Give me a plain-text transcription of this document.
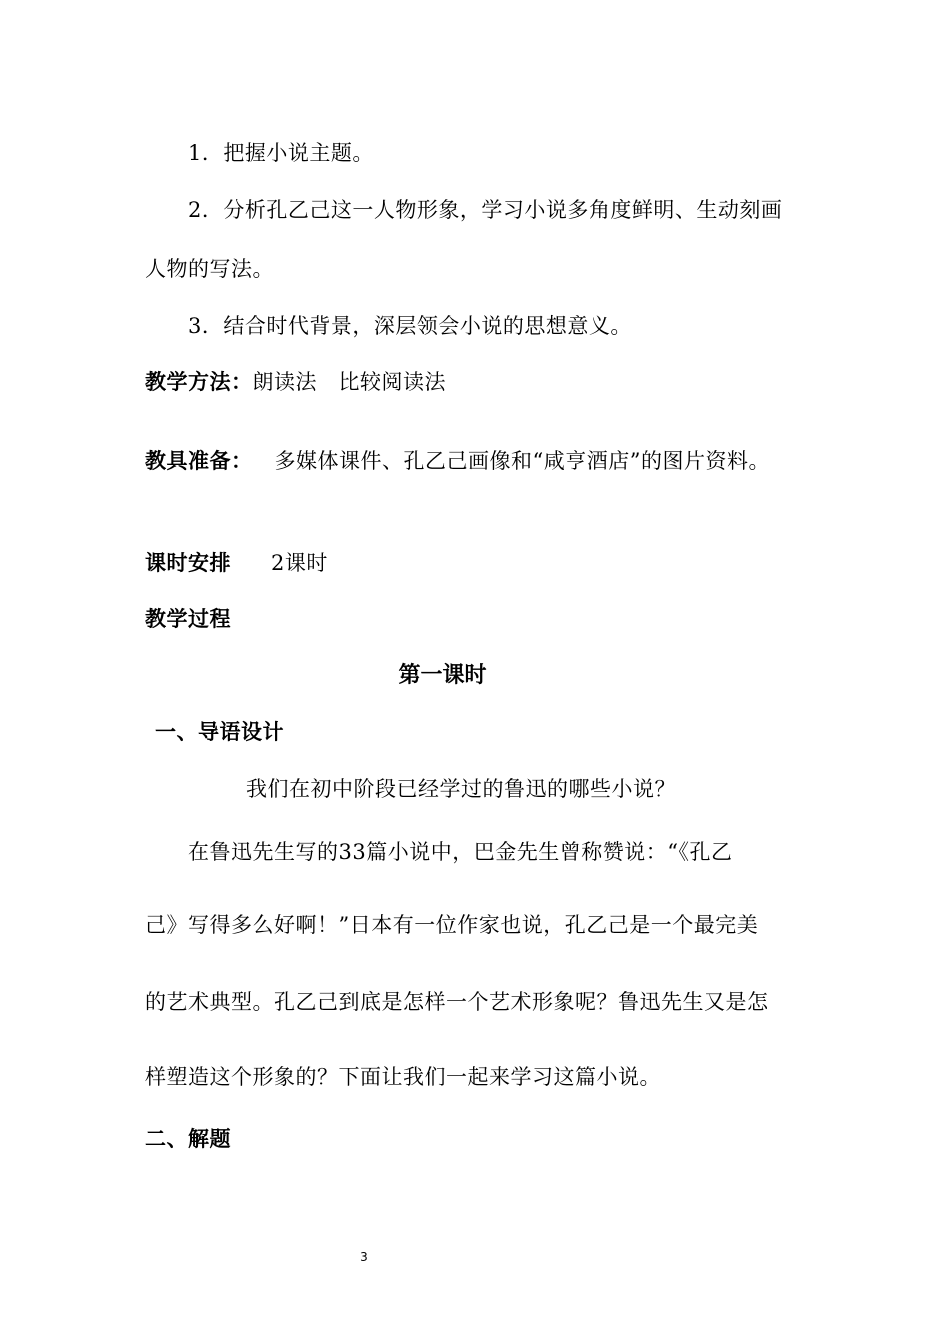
1．把握小说主题。
2．分析孔乙己这一人物形象，学习小说多角度鲜明、生动刻画
人物的写法。
3．结合时代背景，深层领会小说的思想意义。
教学方法：朗读法　比较阅读法
教具准备： 多媒体课件、孔乙己画像和“咸亨酒店”的图片资料。
课时安排 2课时
教学过程
第一课时
一、导语设计
我们在初中阶段已经学过的鲁迅的哪些小说？
在鲁迅先生写的33篇小说中，巴金先生曾称赞说：“《孔乙
己》写得多么好啊！”日本有一位作家也说，孔乙己是一个最完美
的艺术典型。孔乙己到底是怎样一个艺术形象呢？鲁迅先生又是怎
样塑造这个形象的？下面让我们一起来学习这篇小说。
二、解题
3
